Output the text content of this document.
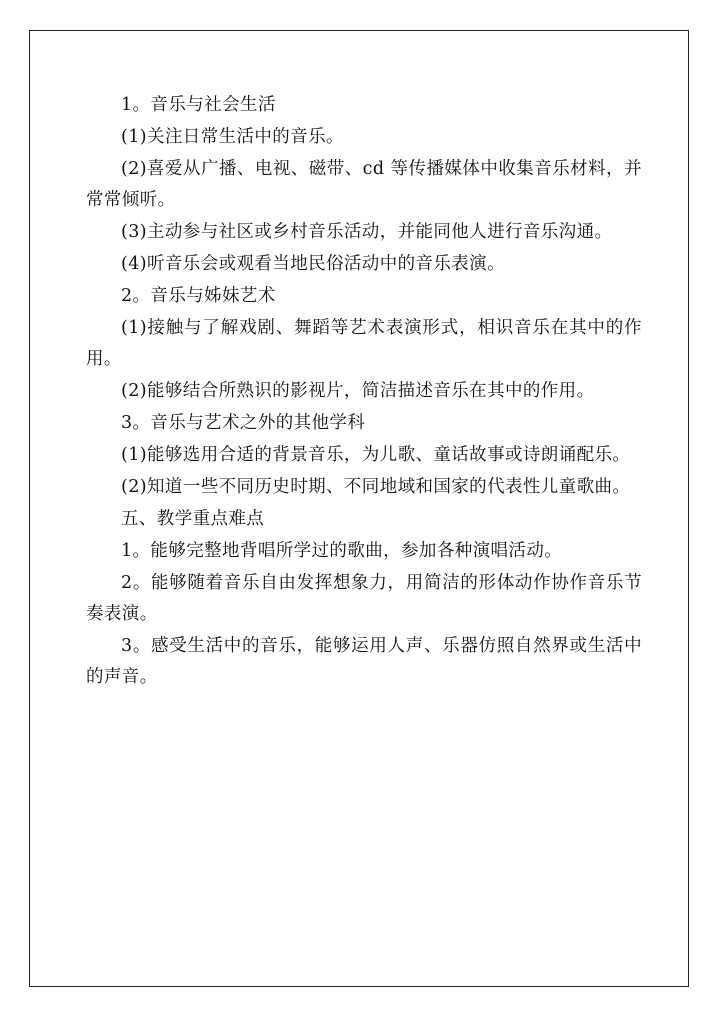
1。音乐与社会生活

(1)关注日常生活中的音乐。

(2)喜爱从广播、电视、磁带、cd 等传播媒体中收集音乐材料，并常常倾听。

(3)主动参与社区或乡村音乐活动，并能同他人进行音乐沟通。

(4)听音乐会或观看当地民俗活动中的音乐表演。

2。音乐与姊妹艺术

(1)接触与了解戏剧、舞蹈等艺术表演形式，相识音乐在其中的作用。

(2)能够结合所熟识的影视片，简洁描述音乐在其中的作用。

3。音乐与艺术之外的其他学科

(1)能够选用合适的背景音乐，为儿歌、童话故事或诗朗诵配乐。

(2)知道一些不同历史时期、不同地域和国家的代表性儿童歌曲。

五、教学重点难点

1。能够完整地背唱所学过的歌曲，参加各种演唱活动。

2。能够随着音乐自由发挥想象力，用简洁的形体动作协作音乐节奏表演。

3。感受生活中的音乐，能够运用人声、乐器仿照自然界或生活中的声音。
